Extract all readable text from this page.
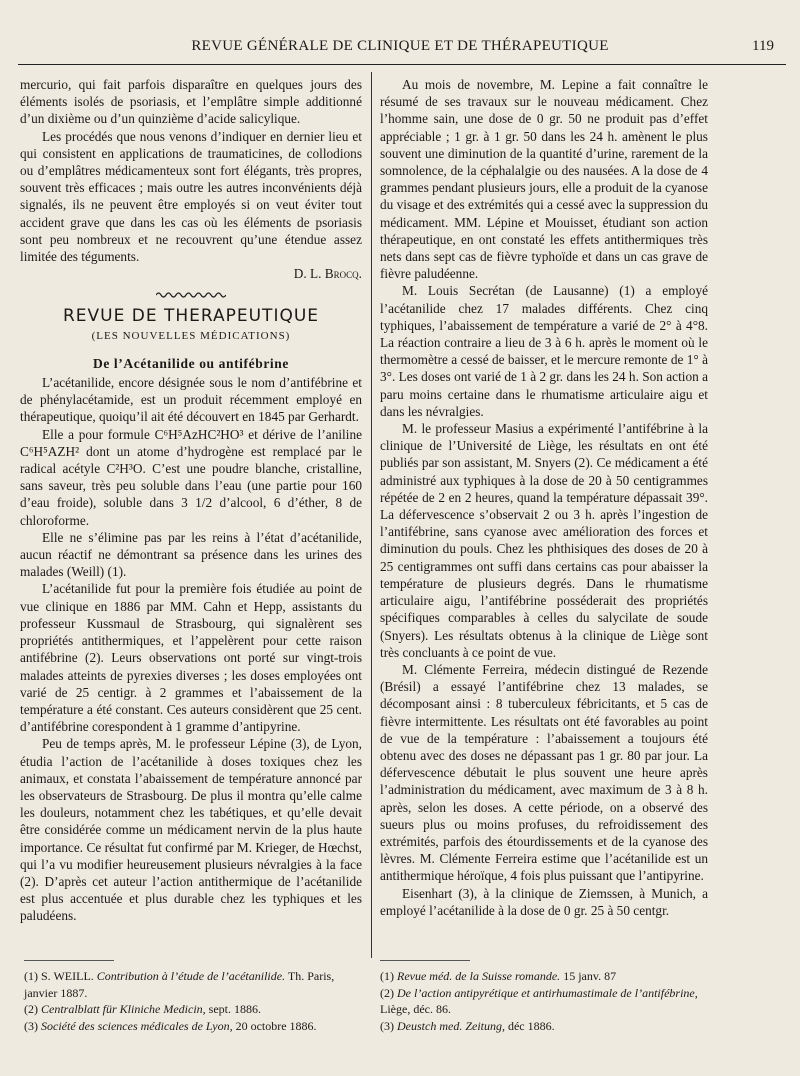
REVUE GÉNÉRALE DE CLINIQUE ET DE THÉRAPEUTIQUE	119

mercurio, qui fait parfois disparaître en quelques jours des éléments isolés de psoriasis, et l’emplâtre simple additionné d’un dixième ou d’un quinzième d’acide salicylique.

Les procédés que nous venons d’indiquer en dernier lieu et qui consistent en applications de traumaticines, de collodions ou d’emplâtres médicamenteux sont fort élégants, très propres, souvent très efficaces ; mais outre les autres inconvénients déjà signalés, ils ne peuvent être employés si on veut éviter tout accident grave que dans les cas où les éléments de psoriasis sont peu nombreux et ne recouvrent qu’une étendue assez limitée des téguments.

D. L. Brocq.
REVUE DE THERAPEUTIQUE
(LES NOUVELLES MÉDICATIONS)
De l’Acétanilide ou antifébrine

L’acétanilide, encore désignée sous le nom d’antifébrine et de phénylacétamide, est un produit récemment employé en thérapeutique, quoiqu’il ait été découvert en 1845 par Gerhardt.

Elle a pour formule C⁶H⁵AzHC²HO³ et dérive de l’aniline C⁶H⁵AZH² dont un atome d’hydrogène est remplacé par le radical acétyle C²H³O. C’est une poudre blanche, cristalline, sans saveur, très peu soluble dans l’eau (une partie pour 160 d’eau froide), soluble dans 3 1/2 d’alcool, 6 d’éther, 8 de chloroforme.

Elle ne s’élimine pas par les reins à l’état d’acétanilide, aucun réactif ne démontrant sa présence dans les urines des malades (Weill) (1).

L’acétanilide fut pour la première fois étudiée au point de vue clinique en 1886 par MM. Cahn et Hepp, assistants du professeur Kussmaul de Strasbourg, qui signalèrent ses propriétés antithermiques, et l’appelèrent pour cette raison antifébrine (2). Leurs observations ont porté sur vingt-trois malades atteints de pyrexies diverses ; les doses employées ont varié de 25 centigr. à 2 grammes et l’abaissement de la température a été constant. Ces auteurs considèrent que 25 cent. d’antifébrine corespondent à 1 gramme d’antipyrine.

Peu de temps après, M. le professeur Lépine (3), de Lyon, étudia l’action de l’acétanilide à doses toxiques chez les animaux, et constata l’abaissement de température annoncé par les observateurs de Strasbourg. De plus il montra qu’elle calme les douleurs, notamment chez les tabétiques, et qu’elle devait être considérée comme un médicament nervin de la plus haute importance. Ce résultat fut confirmé par M. Krieger, de Hœchst, qui l’a vu modifier heureusement plusieurs névralgies à la face (2). D’après cet auteur l’action antithermique de l’acétanilide est plus accentuée et plus durable chez les typhiques et les paludéens.

Au mois de novembre, M. Lepine a fait connaître le résumé de ses travaux sur le nouveau médicament. Chez l’homme sain, une dose de 0 gr. 50 ne produit pas d’effet appréciable ; 1 gr. à 1 gr. 50 dans les 24 h. amènent le plus souvent une diminution de la quantité d’urine, rarement de la somnolence, de la céphalalgie ou des nausées. A la dose de 4 grammes pendant plusieurs jours, elle a produit de la cyanose du visage et des extrémités qui a cessé avec la suppression du médicament. MM. Lépine et Mouisset, étudiant son action thérapeutique, en ont constaté les effets antithermiques très nets dans sept cas de fièvre typhoïde et dans un cas grave de fièvre paludéenne.

M. Louis Secrétan (de Lausanne) (1) a employé l’acétanilide chez 17 malades différents. Chez cinq typhiques, l’abaissement de température a varié de 2° à 4°8. La réaction contraire a lieu de 3 à 6 h. après le moment où le thermomètre a cessé de baisser, et le mercure remonte de 1° à 3°. Les doses ont varié de 1 à 2 gr. dans les 24 h. Son action a paru moins certaine dans le rhumatisme articulaire aigu et dans les névralgies.

M. le professeur Masius a expérimenté l’antifébrine à la clinique de l’Université de Liège, les résultats en ont été publiés par son assistant, M. Snyers (2). Ce médicament a été administré aux typhiques à la dose de 20 à 50 centigrammes répétée de 2 en 2 heures, quand la température dépassait 39°. La défervescence s’observait 2 ou 3 h. après l’ingestion de l’antifébrine, sans cyanose avec amélioration des forces et diminution du pouls. Chez les phthisiques des doses de 20 à 25 centigrammes ont suffi dans certains cas pour abaisser la température de plusieurs degrés. Dans le rhumatisme articulaire aigu, l’antifébrine posséderait des propriétés spécifiques comparables à celles du salycilate de soude (Snyers). Les résultats obtenus à la clinique de Liège sont très concluants à ce point de vue.

M. Clémente Ferreira, médecin distingué de Rezende (Brésil) a essayé l’antifébrine chez 13 malades, se décomposant ainsi : 8 tuberculeux fébricitants, et 5 cas de fièvre intermittente. Les résultats ont été favorables au point de vue de la température : l’abaissement a toujours été obtenu avec des doses ne dépassant pas 1 gr. 80 par jour. La défervescence débutait le plus souvent une heure après l’administration du médicament, avec maximum de 3 à 8 h. après, selon les doses. A cette période, on a observé des sueurs plus ou moins profuses, du refroidissement des extrémités, parfois des étourdissements et de la cyanose des lèvres. M. Clémente Ferreira estime que l’acétanilide est un antithermique héroïque, 4 fois plus puissant que l’antipyrine.

Eisenhart (3), à la clinique de Ziemssen, à Munich, a employé l’acétanilide à la dose de 0 gr. 25 à 50 centgr.

(1) S. WEILL. Contribution à l’étude de l’acétanilide. Th. Paris, janvier 1887.

(2) Centralblatt für Kliniche Medicin, sept. 1886.

(3) Société des sciences médicales de Lyon, 20 octobre 1886.

(1) Revue méd. de la Suisse romande. 15 janv. 87

(2) De l’action antipyrétique et antirhumastimale de l’antifébrine, Liège, déc. 86.

(3) Deustch med. Zeitung, déc 1886.
